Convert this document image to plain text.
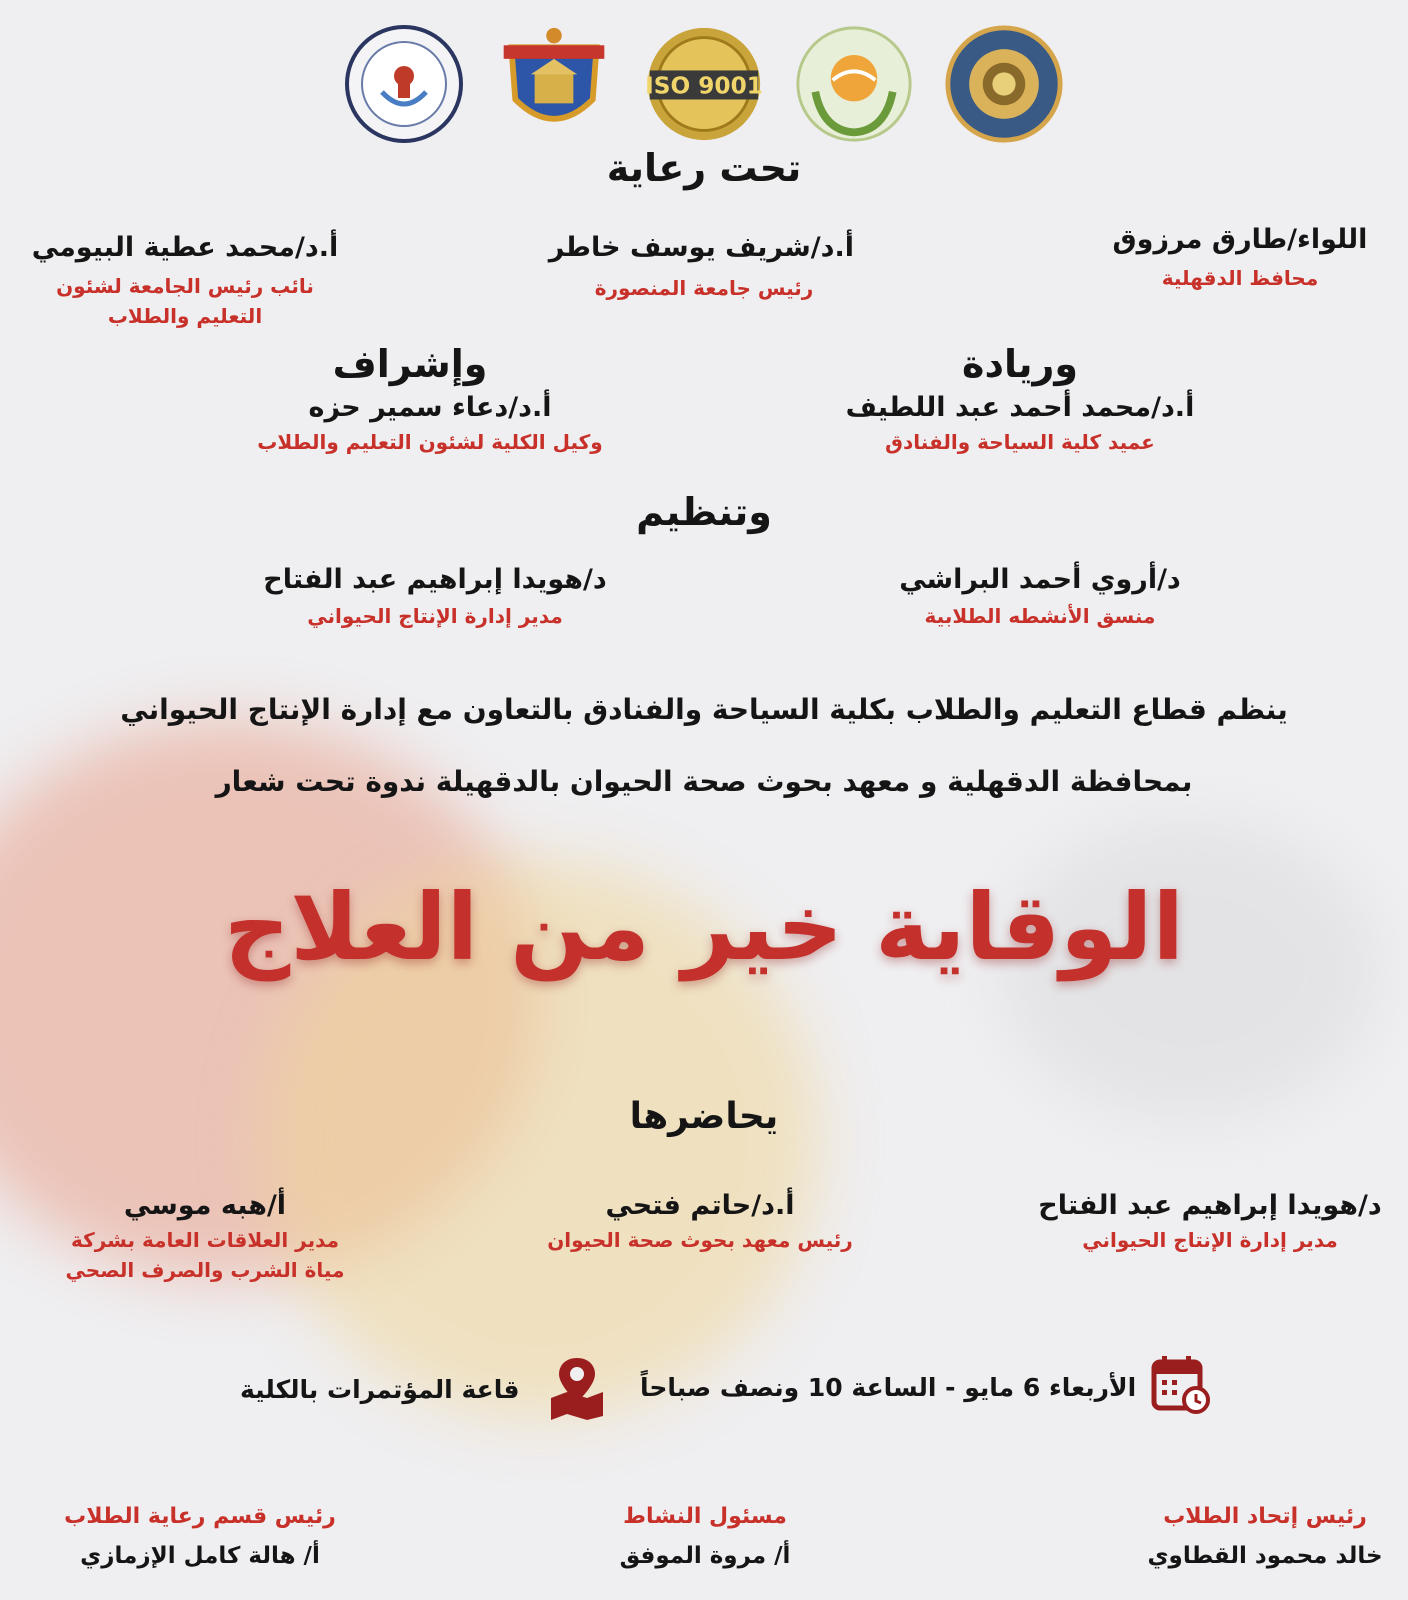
ISO 9001
تحت رعاية
اللواء/طارق مرزوق
محافظ الدقهلية
أ.د/شريف يوسف خاطر
رئيس جامعة المنصورة
أ.د/محمد عطية البيومي
نائب رئيس الجامعة لشئون
التعليم والطلاب
وريادة
أ.د/محمد أحمد عبد اللطيف
عميد كلية السياحة والفنادق
وإشراف
أ.د/دعاء سمير حزه
وكيل الكلية لشئون التعليم والطلاب
وتنظيم
د/أروي أحمد البراشي
منسق الأنشطه الطلابية
د/هويدا إبراهيم عبد الفتاح
مدير إدارة الإنتاج الحيواني
ينظم قطاع التعليم والطلاب بكلية السياحة والفنادق بالتعاون مع إدارة الإنتاج الحيواني
بمحافظة الدقهلية و معهد بحوث صحة الحيوان بالدقهيلة ندوة تحت شعار
الوقاية خير من العلاج
يحاضرها
د/هويدا إبراهيم عبد الفتاح
مدير إدارة الإنتاج الحيواني
أ.د/حاتم فتحي
رئيس معهد بحوث صحة الحيوان
أ/هبه موسي
مدير العلاقات العامة بشركة
مياة الشرب والصرف الصحي
الأربعاء 6 مايو - الساعة 10 ونصف صباحاً
قاعة المؤتمرات بالكلية
رئيس إتحاد الطلاب
خالد محمود القطاوي
مسئول النشاط
أ/ مروة الموفق
رئيس قسم رعاية الطلاب
أ/ هالة كامل الإزمازي
